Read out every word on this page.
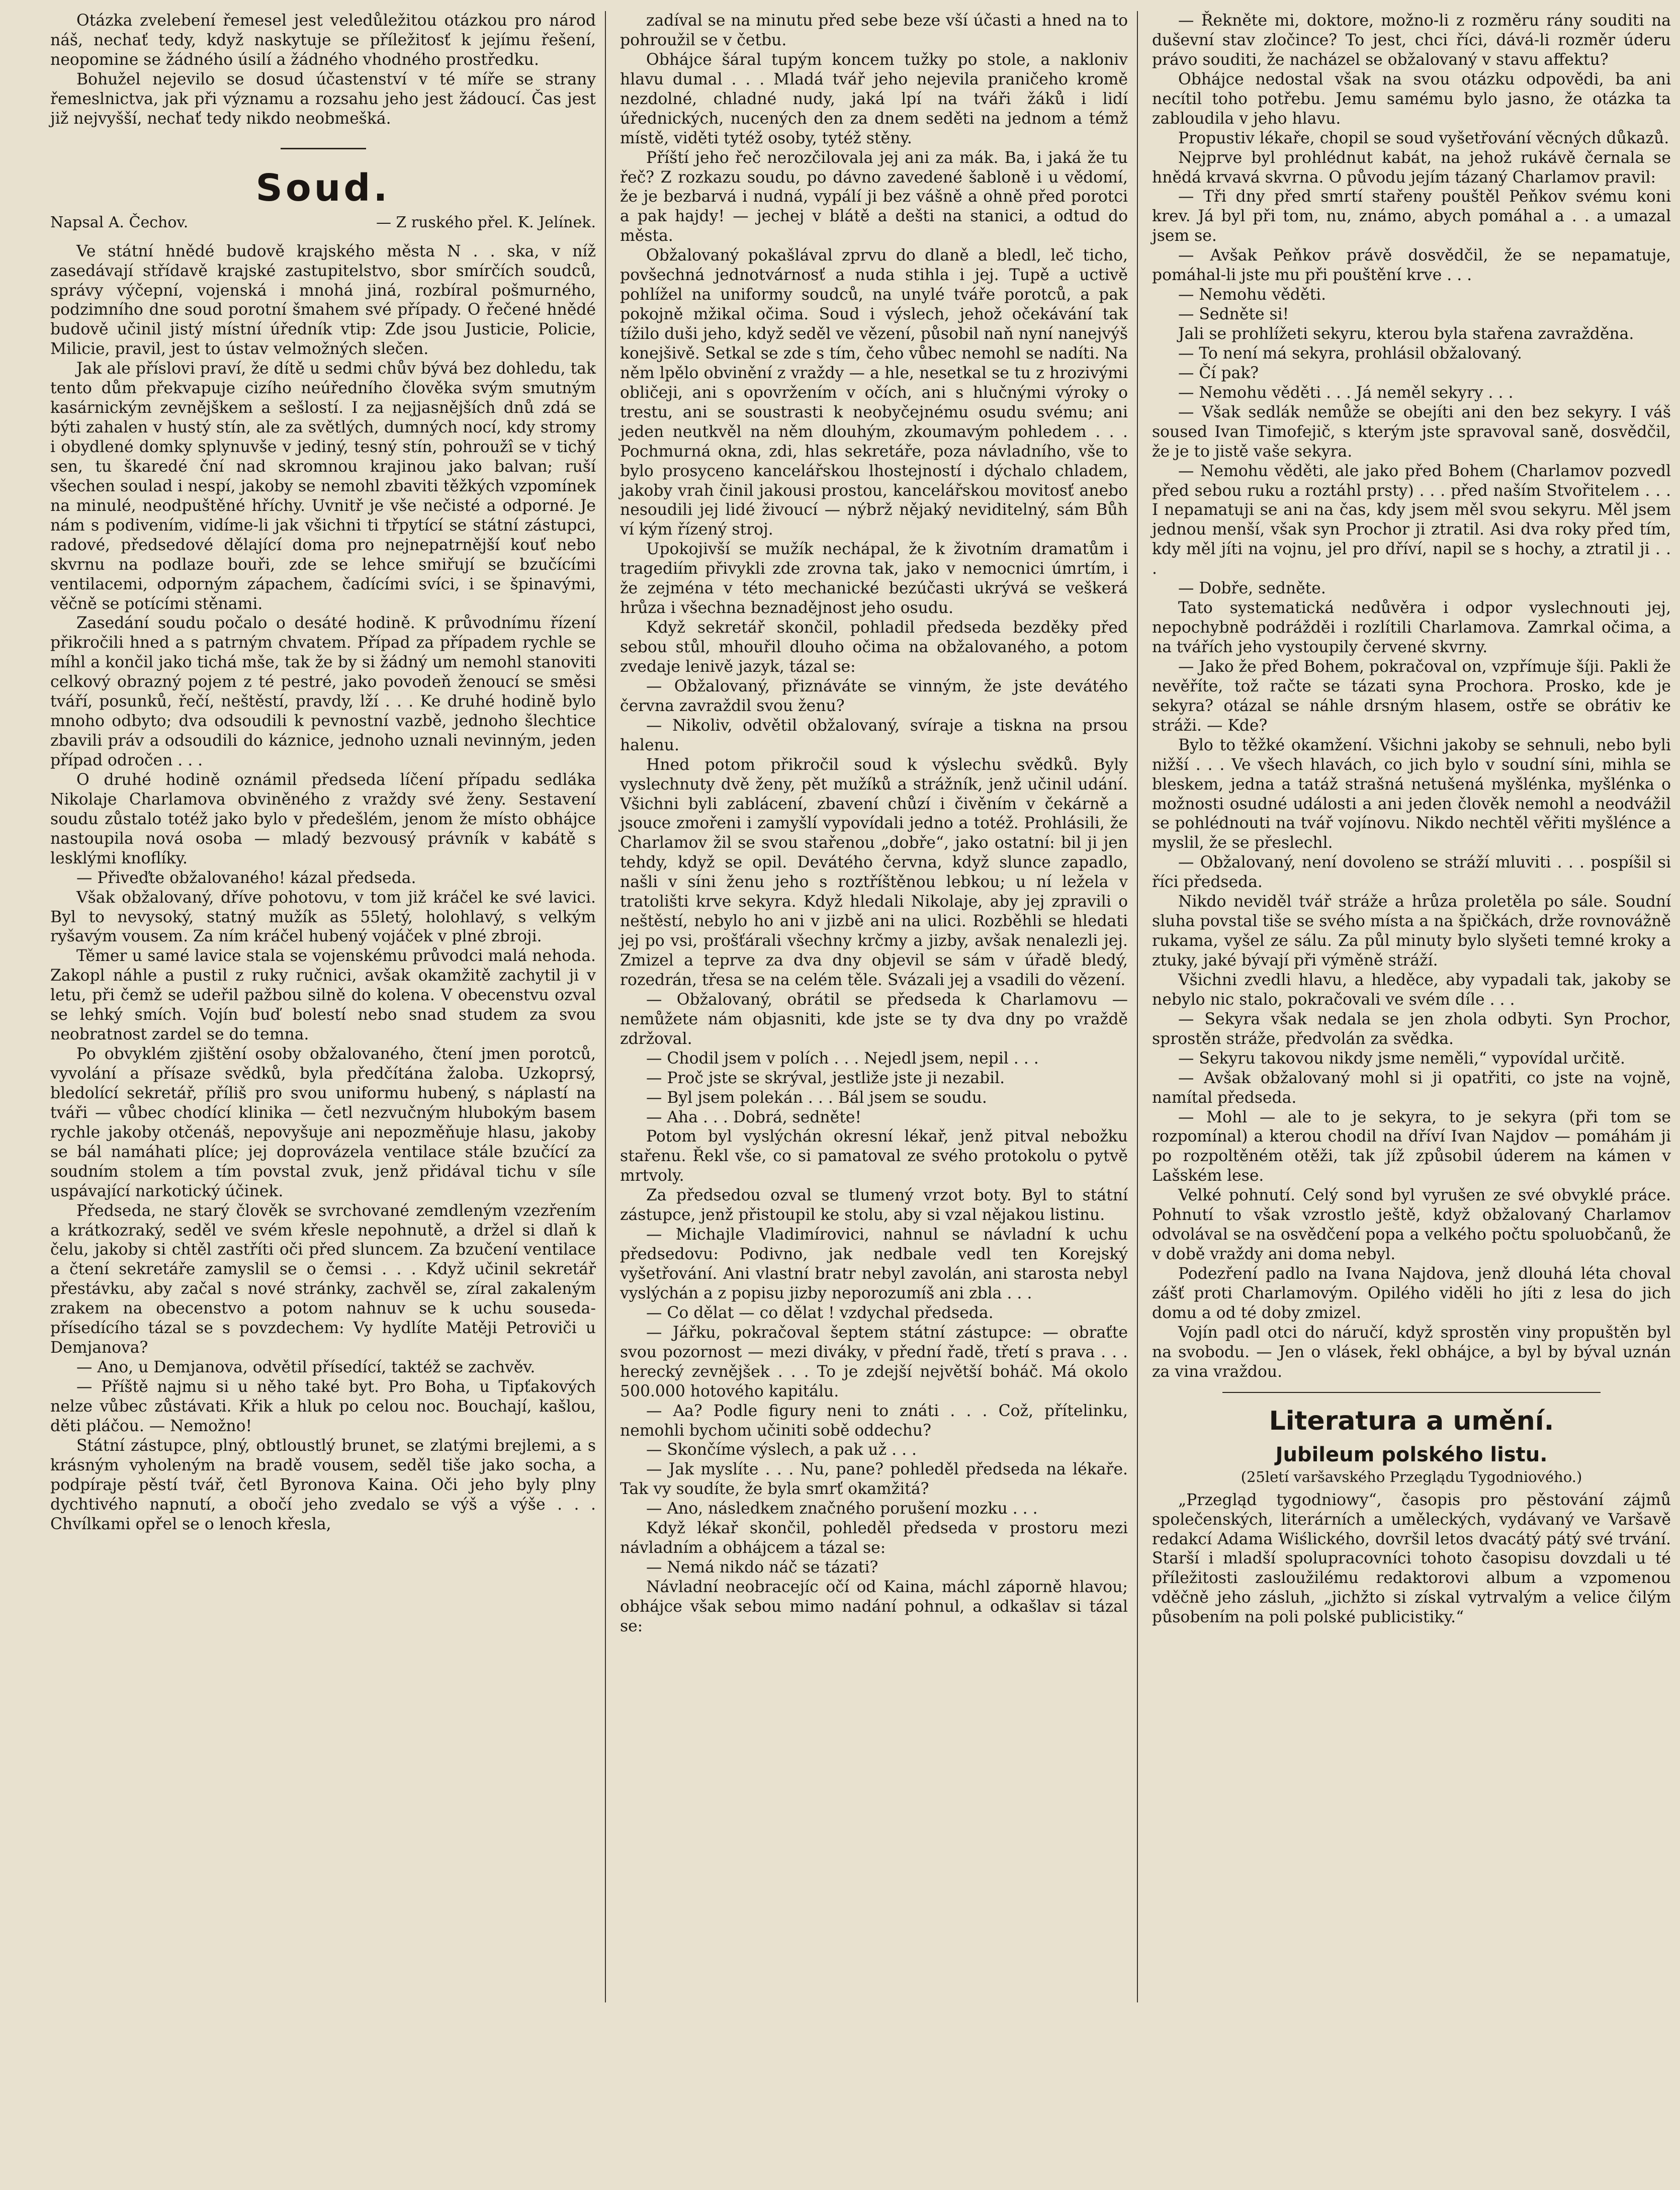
Otázka zvelebení řemesel jest veledůležitou otázkou pro národ náš, nechať tedy, když naskytuje se příležitosť k jejímu řešení, neopomine se žádného úsilí a žádného vhodného prostředku.

Bohužel nejevilo se dosud účastenství v té míře se strany řemeslnictva, jak při významu a rozsahu jeho jest žádoucí. Čas jest již nejvyšší, nechať tedy nikdo neobmešká.

Soud.
Napsal A. Čechov.	— Z ruského přel. K. Jelínek.

Ve státní hnědé budově krajského města N . . ska, v níž zasedávají střídavě krajské zastupitelstvo, sbor smírčích soudců, správy výčepní, vojenská i mnohá jiná, rozbíral pošmurného, podzimního dne soud porotní šmahem své případy. O řečené hnědé budově učinil jistý místní úředník vtip: Zde jsou Justicie, Policie, Milicie, pravil, jest to ústav velmožných slečen.

Jak ale příslovi praví, že dítě u sedmi chův bývá bez dohledu, tak tento dům překvapuje cizího neúředního člověka svým smutným kasárnickým zevnějškem a sešlostí. I za nejjasnějších dnů zdá se býti zahalen v hustý stín, ale za světlých, dumných nocí, kdy stromy i obydlené domky splynuvše v jediný, tesný stín, pohroužî se v tichý sen, tu škaredé ční nad skromnou krajinou jako balvan; ruší všechen soulad i nespí, jakoby se nemohl zbaviti těžkých vzpomínek na minulé, neodpuštěné hříchy. Uvnitř je vše nečisté a odporné. Je nám s podivením, vidíme-li jak všichni ti třpytící se státní zástupci, radové, předsedové dělající doma pro nejnepatrnější kouť nebo skvrnu na podlaze bouři, zde se lehce smiřují se bzučícími ventilacemi, odporným zápachem, čadícími svíci, i se špinavými, věčně se potícími stěnami.

Zasedání soudu počalo o desáté hodině. K průvodnímu řízení přikročili hned a s patrným chvatem. Případ za případem rychle se míhl a končil jako tichá mše, tak že by si žádný um nemohl stanoviti celkový obrazný pojem z té pestré, jako povodeň ženoucí se směsi tváří, posunků, řečí, neštěstí, pravdy, lží . . . Ke druhé hodině bylo mnoho odbyto; dva odsoudili k pevnostní vazbě, jednoho šlechtice zbavili práv a odsoudili do káznice, jednoho uznali nevinným, jeden případ odročen . . .

O druhé hodině oznámil předseda líčení případu sedláka Nikolaje Charlamova obviněného z vraždy své ženy. Sestavení soudu zůstalo totéž jako bylo v předešlém, jenom že místo obhájce nastoupila nová osoba — mladý bezvousý právník v kabátě s lesklými knoflíky.

— Přiveďte obžalovaného! kázal předseda.

Však obžalovaný, dříve pohotovu, v tom již kráčel ke své lavici. Byl to nevysoký, statný mužík as 55letý, holohlavý, s velkým ryšavým vousem. Za ním kráčel hubený vojáček v plné zbroji.

Těmer u samé lavice stala se vojenskému průvodci malá nehoda. Zakopl náhle a pustil z ruky ručnici, avšak okamžitě zachytil ji v letu, při čemž se udeřil pažbou silně do kolena. V obecenstvu ozval se lehký smích. Vojín buď bolestí nebo snad studem za svou neobratnost zardel se do temna.

Po obvyklém zjištění osoby obžalovaného, čtení jmen porotců, vyvolání a přísaze svědků, byla předčítána žaloba. Uzkoprsý, bledolící sekretář, příliš pro svou uniformu hubený, s náplastí na tváři — vůbec chodící klinika — četl nezvučným hlubokým basem rychle jakoby otčenáš, nepovyšuje ani nepozměňuje hlasu, jakoby se bál namáhati plíce; jej doprovázela ventilace stále bzučící za soudním stolem a tím povstal zvuk, jenž přidával tichu v síle uspávající narkotický účinek.

Předseda, ne starý člověk se svrchované zemdleným vzezřením a krátkozraký, seděl ve svém křesle nepohnutě, a držel si dlaň k čelu, jakoby si chtěl zastříti oči před sluncem. Za bzučení ventilace a čtení sekretáře zamyslil se o čemsi . . . Když učinil sekretář přestávku, aby začal s nové stránky, zachvěl se, zíral zakaleným zrakem na obecenstvo a potom nahnuv se k uchu souseda-přísedícího tázal se s povzdechem: Vy hydlíte Matěji Petroviči u Demjanova?

— Ano, u Demjanova, odvětil přísedící, taktéž se zachvěv.

— Příště najmu si u něho také byt. Pro Boha, u Tipťakových nelze vůbec zůstávati. Křik a hluk po celou noc. Bouchají, kašlou, děti pláčou. — Nemožno!

Státní zástupce, plný, obtloustlý brunet, se zlatými brejlemi, a s krásným vyholeným na bradě vousem, seděl tiše jako socha, a podpíraje pěstí tvář, četl Byronova Kaina. Oči jeho byly plny dychtivého napnutí, a obočí jeho zvedalo se výš a výše . . . Chvílkami opřel se o lenoch křesla,

zadíval se na minutu před sebe beze vší účasti a hned na to pohroužil se v četbu.

Obhájce šáral tupým koncem tužky po stole, a nakloniv hlavu dumal . . . Mladá tvář jeho nejevila praničeho kromě nezdolné, chladné nudy, jaká lpí na tváři žáků i lidí úřednických, nucených den za dnem seděti na jednom a témž místě, viděti tytéž osoby, tytéž stěny.

Příští jeho řeč nerozčilovala jej ani za mák. Ba, i jaká že tu řeč? Z rozkazu soudu, po dávno zavedené šabloně i u vědomí, že je bezbarvá i nudná, vypálí ji bez vášně a ohně před porotci a pak hajdy! — jechej v blátě a dešti na stanici, a odtud do města.

Obžalovaný pokašlával zprvu do dlaně a bledl, leč ticho, povšechná jednotvárnosť a nuda stihla i jej. Tupě a uctivě pohlížel na uniformy soudců, na unylé tváře porotců, a pak pokojně mžikal očima. Soud i výslech, jehož očekávání tak tížilo duši jeho, když seděl ve vězení, působil naň nyní nanejvýš konejšivě. Setkal se zde s tím, čeho vůbec nemohl se nadíti. Na něm lpělo obvinění z vraždy — a hle, nesetkal se tu z hrozivými obličeji, ani s opovržením v očích, ani s hlučnými výroky o trestu, ani se soustrasti k neobyčejnému osudu svému; ani jeden neutkvěl na něm dlouhým, zkoumavým pohledem . . . Pochmurná okna, zdi, hlas sekretáře, poza návladního, vše to bylo prosyceno kancelářskou lhostejností i dýchalo chladem, jakoby vrah činil jakousi prostou, kancelářskou movitosť anebo nesoudili jej lidé živoucí — nýbrž nějaký neviditelný, sám Bůh ví kým řízený stroj.

Upokojivší se mužík nechápal, že k životním dramatům i tragediím přivykli zde zrovna tak, jako v nemocnici úmrtím, i že zejména v této mechanické bezúčasti ukrývá se veškerá hrůza i všechna beznadějnost jeho osudu.

Když sekretář skončil, pohladil předseda bezděky před sebou stůl, mhouřil dlouho očima na obžalovaného, a potom zvedaje lenivě jazyk, tázal se:

— Obžalovaný, přiznáváte se vinným, že jste devátého června zavraždil svou ženu?

— Nikoliv, odvětil obžalovaný, svíraje a tiskna na prsou halenu.

Hned potom přikročil soud k výslechu svědků. Byly vyslechnuty dvě ženy, pět mužíků a strážník, jenž učinil udání. Všichni byli zablácení, zbavení chůzí i čivěním v čekárně a jsouce zmořeni i zamyšlí vypovídali jedno a totéž. Prohlásili, že Charlamov žil se svou stařenou „dobře“, jako ostatní: bil ji jen tehdy, když se opil. Devátého června, když slunce zapadlo, našli v síni ženu jeho s roztříštěnou lebkou; u ní ležela v tratolišti krve sekyra. Když hledali Nikolaje, aby jej zpravili o neštěstí, nebylo ho ani v jizbě ani na ulici. Rozběhli se hledati jej po vsi, prošťárali všechny krčmy a jizby, avšak nenalezli jej. Zmizel a teprve za dva dny objevil se sám v úřadě bledý, rozedrán, třesa se na celém těle. Svázali jej a vsadili do vězení.

— Obžalovaný, obrátil se předseda k Charlamovu — nemůžete nám objasniti, kde jste se ty dva dny po vraždě zdržoval.

— Chodil jsem v polích . . . Nejedl jsem, nepil . . .

— Proč jste se skrýval, jestliže jste ji nezabil.

— Byl jsem polekán . . . Bál jsem se soudu.

— Aha . . . Dobrá, sedněte!

Potom byl vyslýchán okresní lékař, jenž pitval nebožku stařenu. Řekl vše, co si pamatoval ze svého protokolu o pytvě mrtvoly.

Za předsedou ozval se tlumený vrzot boty. Byl to státní zástupce, jenž přistoupil ke stolu, aby si vzal nějakou listinu.

— Michajle Vladimírovici, nahnul se návladní k uchu předsedovu: Podivno, jak nedbale vedl ten Korejský vyšetřování. Ani vlastní bratr nebyl zavolán, ani starosta nebyl vyslýchán a z popisu jizby neporozumíš ani zbla . . .

— Co dělat — co dělat ! vzdychal předseda.

— Jářku, pokračoval šeptem státní zástupce: — obraťte svou pozornost — mezi diváky, v přední řadě, třetí s prava . . . herecký zevnějšek . . . To je zdejší největší boháč. Má okolo 500.000 hotového kapitálu.

— Aa? Podle figury neni to znáti . . . Což, přítelinku, nemohli bychom učiniti sobě oddechu?

— Skončíme výslech, a pak už . . .

— Jak myslíte . . . Nu, pane? pohleděl předseda na lékaře. Tak vy soudíte, že byla smrť okamžitá?

— Ano, následkem značného porušení mozku . . .

Když lékař skončil, pohleděl předseda v prostoru mezi návladním a obhájcem a tázal se:

— Nemá nikdo náč se tázati?

Návladní neobracejíc očí od Kaina, máchl záporně hlavou; obhájce však sebou mimo nadání pohnul, a odkašlav si tázal se:

— Řekněte mi, doktore, možno-li z rozměru rány souditi na duševní stav zločince? To jest, chci říci, dává-li rozměr úderu právo souditi, že nacházel se obžalovaný v stavu affektu?

Obhájce nedostal však na svou otázku odpovědi, ba ani necítil toho potřebu. Jemu samému bylo jasno, že otázka ta zabloudila v jeho hlavu.

Propustiv lékaře, chopil se soud vyšetřování věcných důkazů.

Nejprve byl prohlédnut kabát, na jehož rukávě černala se hnědá krvavá skvrna. O původu jejím tázaný Charlamov pravil:

— Tři dny před smrtí stařeny pouštěl Peňkov svému koni krev. Já byl při tom, nu, známo, abych pomáhal a . . a umazal jsem se.

— Avšak Peňkov právě dosvědčil, že se nepamatuje, pomáhal-li jste mu při pouštění krve . . .

— Nemohu věděti.

— Sedněte si!

Jali se prohlížeti sekyru, kterou byla stařena zavražděna.

— To není má sekyra, prohlásil obžalovaný.

— Čí pak?

— Nemohu věděti . . . Já neměl sekyry . . .

— Však sedlák nemůže se obejíti ani den bez sekyry. I váš soused Ivan Timofejič, s kterým jste spravoval saně, dosvědčil, že je to jistě vaše sekyra.

— Nemohu věděti, ale jako před Bohem (Charlamov pozvedl před sebou ruku a roztáhl prsty) . . . před naším Stvořitelem . . . I nepamatuji se ani na čas, kdy jsem měl svou sekyru. Měl jsem jednou menší, však syn Prochor ji ztratil. Asi dva roky před tím, kdy měl jíti na vojnu, jel pro dříví, napil se s hochy, a ztratil ji . . .

— Dobře, sedněte.

Tato systematická nedůvěra i odpor vyslechnouti jej, nepochybně podrážděi i rozlítili Charlamova. Zamrkal očima, a na tvářích jeho vystoupily červené skvrny.

— Jako že před Bohem, pokračoval on, vzpřímuje šíji. Pakli že nevěříte, tož račte se tázati syna Prochora. Prosko, kde je sekyra? otázal se náhle drsným hlasem, ostře se obrátiv ke stráži. — Kde?

Bylo to těžké okamžení. Všichni jakoby se sehnuli, nebo byli nižší . . . Ve všech hlavách, co jich bylo v soudní síni, mihla se bleskem, jedna a tatáž strašná netušená myšlénka, myšlénka o možnosti osudné události a ani jeden člověk nemohl a neodvážil se pohlédnouti na tvář vojínovu. Nikdo nechtěl věřiti myšlénce a myslil, že se přeslechl.

— Obžalovaný, není dovoleno se stráží mluviti . . . pospíšil si říci předseda.

Nikdo neviděl tvář stráže a hrůza proletěla po sále. Soudní sluha povstal tiše se svého místa a na špičkách, drže rovnovážně rukama, vyšel ze sálu. Za půl minuty bylo slyšeti temné kroky a ztuky, jaké bývají při výměně stráží.

Všichni zvedli hlavu, a hleděce, aby vypadali tak, jakoby se nebylo nic stalo, pokračovali ve svém díle . . .

— Sekyra však nedala se jen zhola odbyti. Syn Prochor, sprostěn stráže, předvolán za svědka.

— Sekyru takovou nikdy jsme neměli,“ vypovídal určitě.

— Avšak obžalovaný mohl si ji opatřiti, co jste na vojně, namítal předseda.

— Mohl — ale to je sekyra, to je sekyra (při tom se rozpomínal) a kterou chodil na dříví Ivan Najdov — pomáhám ji po rozpoltěném otěži, tak jíž způsobil úderem na kámen v Lašském lese.

Velké pohnutí. Celý sond byl vyrušen ze své obvyklé práce. Pohnutí to však vzrostlo ještě, když obžalovaný Charlamov odvolával se na osvědčení popa a velkého počtu spoluobčanů, že v době vraždy ani doma nebyl.

Podezření padlo na Ivana Najdova, jenž dlouhá léta choval zášť proti Charlamovým. Opilého viděli ho jíti z lesa do jich domu a od té doby zmizel.

Vojín padl otci do náručí, když sprostěn viny propuštěn byl na svobodu. — Jen o vlásek, řekl obhájce, a byl by býval uznán za vina vraždou.

Literatura a umění.
Jubileum polského listu.
(25letí varšavského Przeglądu Tygodniového.)

„Przegląd tygodniowy“, časopis pro pěstování zájmů společenských, literárních a uměleckých, vydávaný ve Varšavě redakcí Adama Wiślického, dovršil letos dvacátý pátý své trvání. Starší i mladší spolupracovníci tohoto časopisu dovzdali u té příležitosti zasloužilému redaktorovi album a vzpomenou vděčně jeho zásluh, „jichžto si získal vytrvalým a velice čilým působením na poli polské publicistiky.“
